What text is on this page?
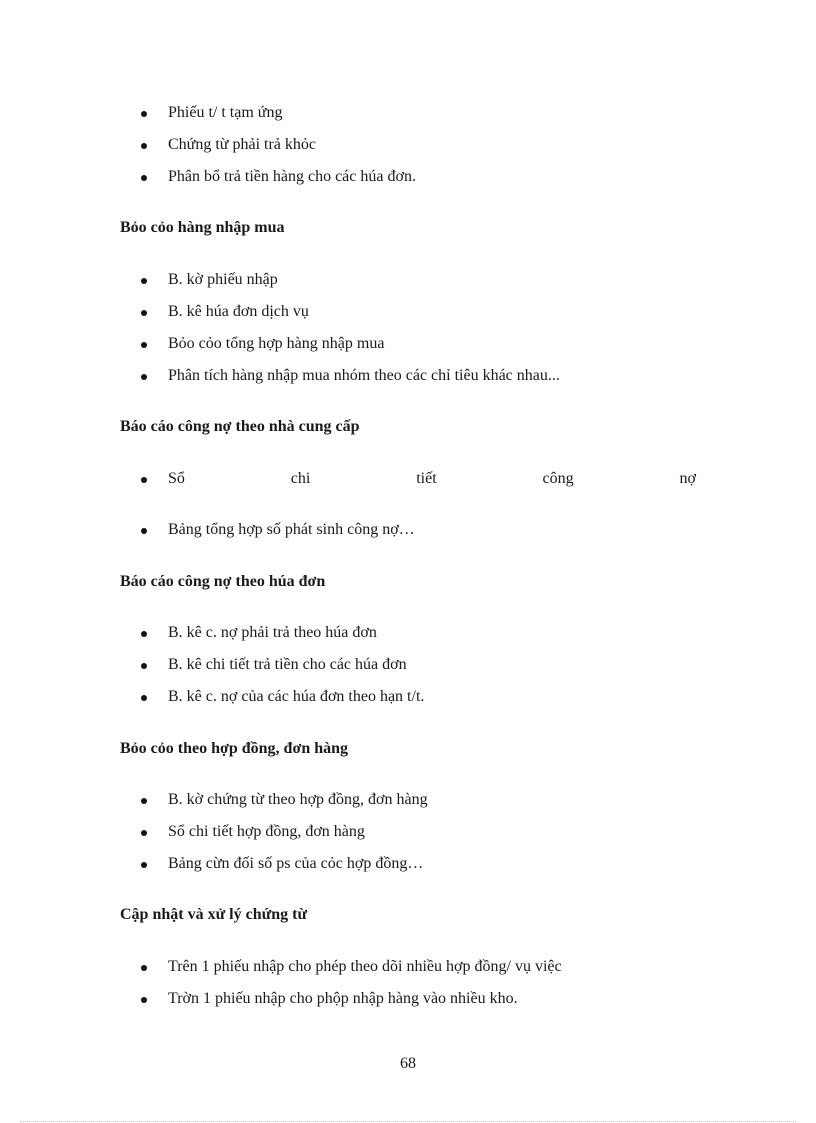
Phiếu t/ t tạm ứng
Chứng từ phải trả khỏc
Phân bổ trả tiền hàng cho các húa đơn.
Bỏo cỏo hàng nhập mua
B. kờ phiếu nhập
B. kê húa đơn dịch vụ
Bỏo cỏo tổng hợp hàng nhập mua
Phân tích hàng nhập mua nhóm theo các chỉ tiêu khác nhau...
Báo cáo công nợ theo nhà cung cấp
Sổ	chi	tiết	công	nợ
Bảng tổng hợp số phát sinh công nợ…
Báo cáo công nợ theo húa đơn
B. kê c. nợ phải trả theo húa đơn
B. kê chi tiết trả tiền cho các húa đơn
B. kê c. nợ của các húa đơn theo hạn t/t.
Bỏo cỏo theo hợp đồng, đơn hàng
B. kờ chứng từ theo hợp đồng, đơn hàng
Sổ chi tiết hợp đồng, đơn hàng
Bảng cừn đối số ps của cỏc hợp đồng…
Cập nhật và xử lý chứng từ
Trên 1 phiếu nhập cho phép theo dõi nhiều hợp đồng/ vụ việc
Trờn 1 phiếu nhập cho phộp nhập hàng vào nhiều kho.
68
